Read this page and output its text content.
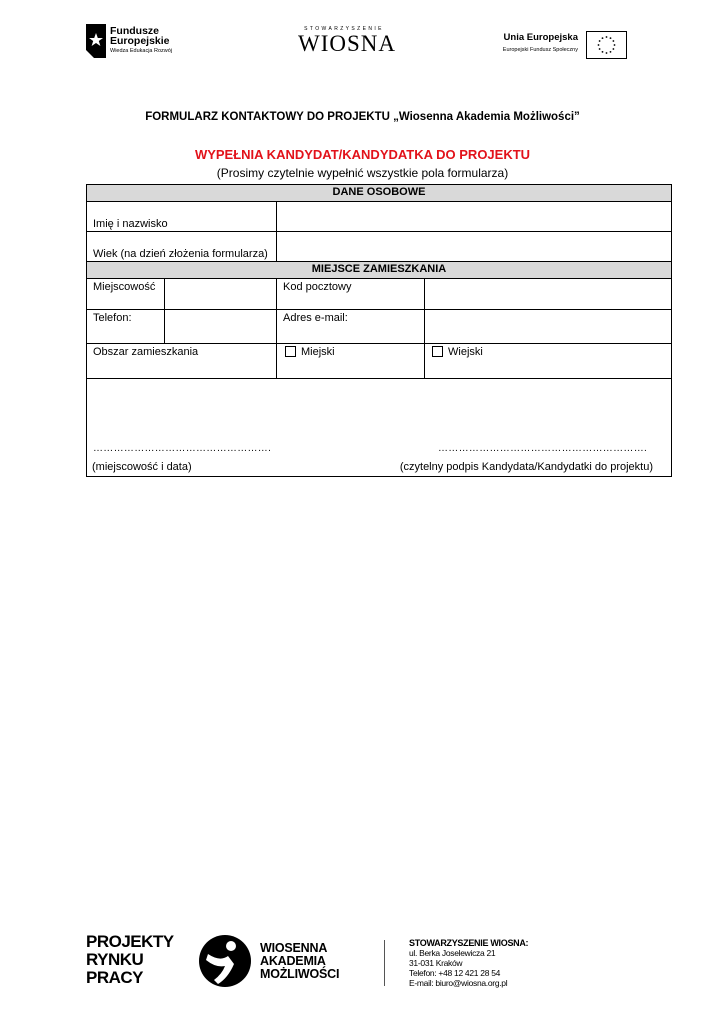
Fundusze
Europejskie
Wiedza Edukacja Rozwój
STOWARZYSZENIE
WIOSNA	Unia Europejska
Europejski Fundusz Społeczny
FORMULARZ KONTAKTOWY DO PROJEKTU „Wiosenna Akademia Możliwości”
WYPEŁNIA KANDYDAT/KANDYDATKA DO PROJEKTU
(Prosimy czytelnie wypełnić wszystkie pola formularza)
DANE OSOBOWE
Imię i nazwisko
Wiek (na dzień złożenia formularza)
MIEJSCE ZAMIESZKANIA
Miejscowość	Kod pocztowy
Telefon:	Adres e-mail:
Obszar zamieszkania	Miejski	Wiejski
…………………………………………….	…………………………………………………….
(miejscowość i data)	(czytelny podpis Kandydata/Kandydatki do projektu)
PROJEKTY
RYNKU
PRACY
WIOSENNA
AKADEMIA
MOŻLIWOŚCI
STOWARZYSZENIE WIOSNA:
ul. Berka Joselewicza 21
31-031 Kraków
Telefon: +48 12 421 28 54
E-mail: biuro@wiosna.org.pl
